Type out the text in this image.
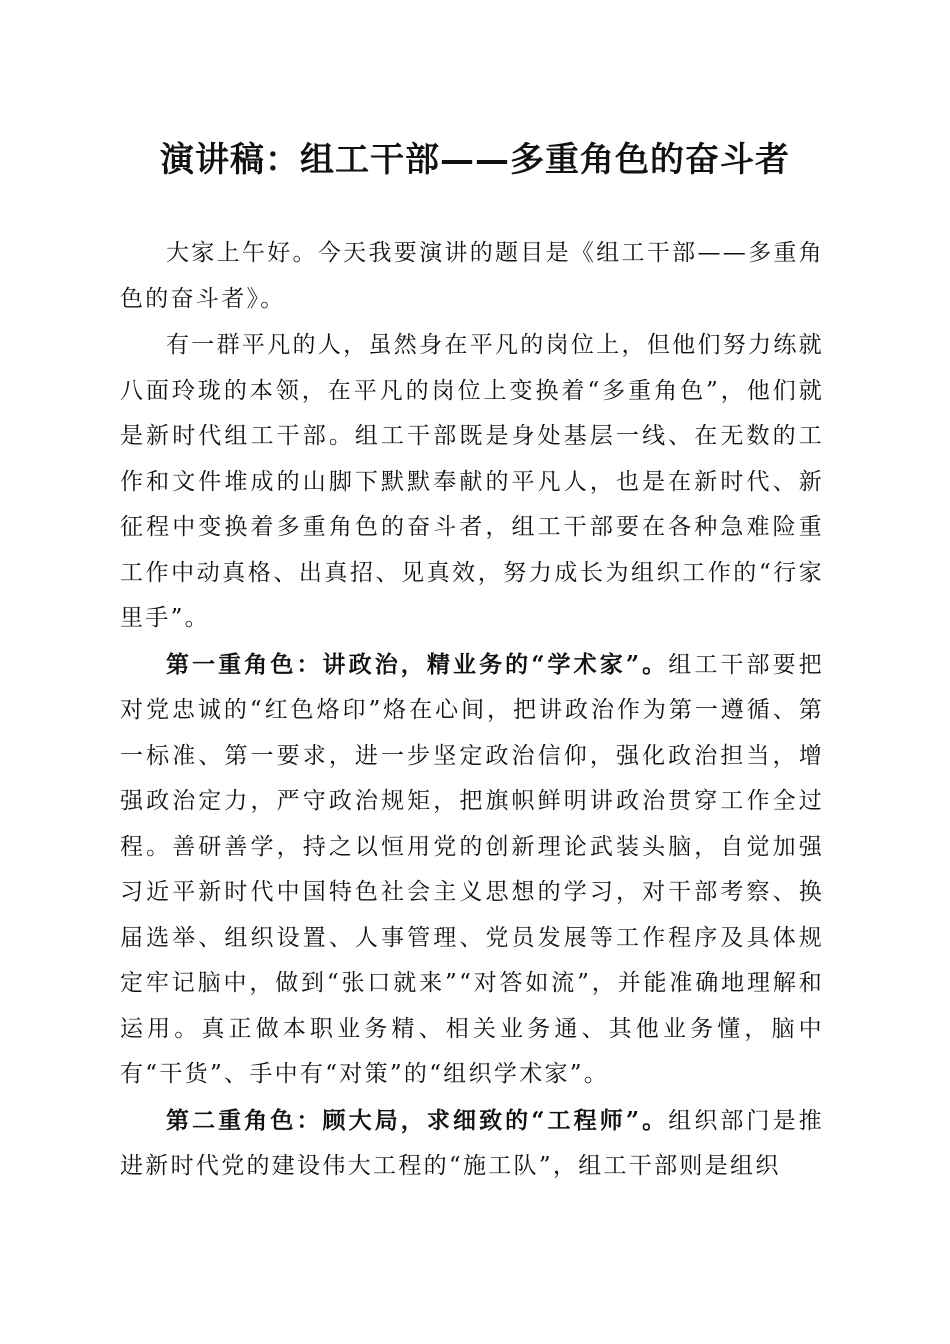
演讲稿：组工干部——多重角色的奋斗者

大家上午好。今天我要演讲的题目是《组工干部——多重角色的奋斗者》。

有一群平凡的人，虽然身在平凡的岗位上，但他们努力练就八面玲珑的本领，在平凡的岗位上变换着“多重角色”，他们就是新时代组工干部。组工干部既是身处基层一线、在无数的工作和文件堆成的山脚下默默奉献的平凡人，也是在新时代、新征程中变换着多重角色的奋斗者，组工干部要在各种急难险重工作中动真格、出真招、见真效，努力成长为组织工作的“行家里手”。

第一重角色：讲政治，精业务的“学术家”。组工干部要把对党忠诚的“红色烙印”烙在心间，把讲政治作为第一遵循、第一标准、第一要求，进一步坚定政治信仰，强化政治担当，增强政治定力，严守政治规矩，把旗帜鲜明讲政治贯穿工作全过程。善研善学，持之以恒用党的创新理论武装头脑，自觉加强习近平新时代中国特色社会主义思想的学习，对干部考察、换届选举、组织设置、人事管理、党员发展等工作程序及具体规定牢记脑中，做到“张口就来”“对答如流”，并能准确地理解和运用。真正做本职业务精、相关业务通、其他业务懂，脑中有“干货”、手中有“对策”的“组织学术家”。

第二重角色：顾大局，求细致的“工程师”。组织部门是推进新时代党的建设伟大工程的“施工队”，组工干部则是组织
